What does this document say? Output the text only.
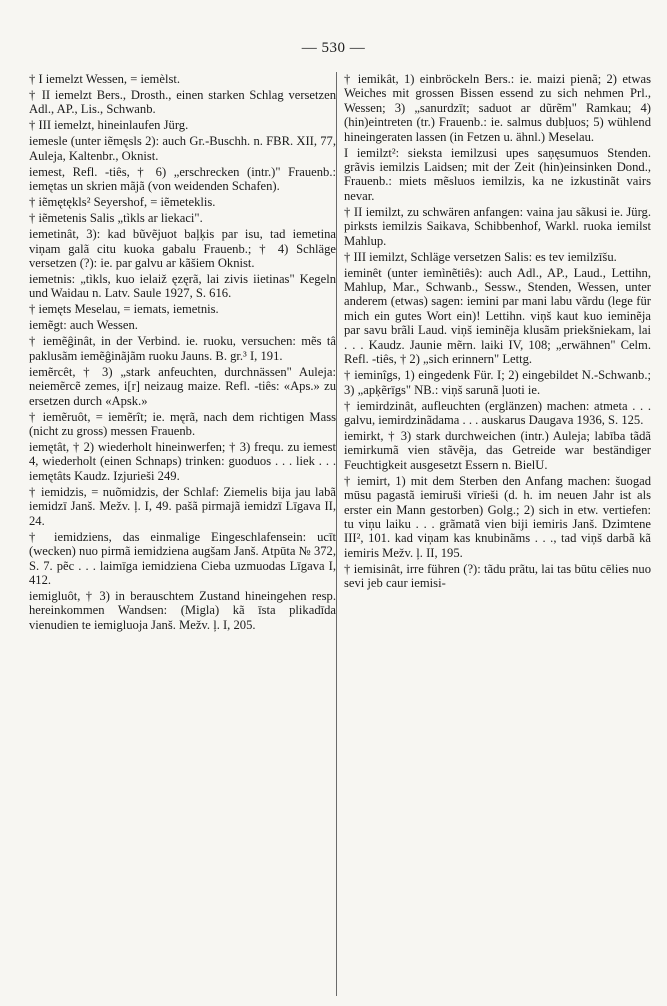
— 530 —

† I iemelzt Wessen, = iemèlst.

† II iemelzt Bers., Drosth., einen starken Schlag versetzen Adl., AP., Lis., Schwanb.

† III iemelzt, hineinlaufen Jürg.

iemesle (unter iẽmęsls 2): auch Gr.-Buschh. n. FBR. XII, 77, Auleja, Kaltenbr., Oknist.

iemest, Refl. -tiês, † 6) „erschrecken (intr.)" Frauenb.: iemętas un skrien mãjã (von weidenden Schafen).

† iẽmętękls² Seyershof, = iẽmeteklis.

† iẽmetenis Salis „tìkls ar liekaci".

iemetinât, 3): kad bũvẽjuot baļķis par isu, tad iemetina viņam galã citu kuoka gabalu Frauenb.; † 4) Schläge versetzen (?): ie. par galvu ar kãšiem Oknist.

iemetnis: „tìkls, kuo ielaiž ęzęrã, lai zivis iietinas" Kegeln und Waidau n. Latv. Saule 1927, S. 616.

† iemęts Meselau, = iemats, iemetnis.

iemẽgt: auch Wessen.

† iemẽĝinât, in der Verbind. ie. ruoku, versuchen: mẽs tâ paklusãm iemẽĝinãjãm ruoku Jauns. B. gr.³ I, 191.

iemẽrcêt, † 3) „stark anfeuchten, durchnässen" Auleja: neiemẽrcẽ zemes, i[r] neizaug maize. Refl. -tiês: «Aps.» zu ersetzen durch «Apsk.»

† iemẽruôt, = iemẽrît; ie. męrã, nach dem richtigen Mass (nicht zu gross) messen Frauenb.

iemętât, † 2) wiederholt hineinwerfen; † 3) frequ. zu iemest 4, wiederholt (einen Schnaps) trinken: guoduos . . . liek . . . iemętâts Kaudz. Izjurieši 249.

† iemidzis, = nuõmidzis, der Schlaf: Ziemelis bija jau labã iemidzī Janš. Mežv. ļ. I, 49. pašã pirmajã iemidzī Līgava II, 24.

† iemidziens, das einmalige Eingeschlafensein: ucīt (wecken) nuo pirmã iemidziena augšam Janš. Atpūta № 372, S. 7. pẽc . . . laimīga iemidziena Cieba uzmuodas Līgava I, 412.

iemigluôt, † 3) in berauschtem Zustand hineingehen resp. hereinkommen Wandsen: (Migla) kã īsta plikadīda vienudien te iemigluoja Janš. Mežv. ļ. I, 205.

† iemikât, 1) einbröckeln Bers.: ie. maizi pienã; 2) etwas Weiches mit grossen Bissen essend zu sich nehmen Prl., Wessen; 3) „sanurdzīt; saduot ar dũrẽm" Ramkau; 4) (hin)eintreten (tr.) Frauenb.: ie. salmus dubļuos; 5) wühlend hineingeraten lassen (in Fetzen u. ähnl.) Meselau.

I iemilzt²: sieksta iemilzusi upes saņęsumuos Stenden. grãvis iemilzis Laidsen; mit der Zeit (hin)einsinken Dond., Frauenb.: miets mẽsluos iemilzis, ka ne izkustinãt vairs nevar.

† II iemilzt, zu schwären anfangen: vaina jau sãkusi ie. Jürg. pirksts iemilzis Saikava, Schibbenhof, Warkl. ruoka iemilst Mahlup.

† III iemilzt, Schläge versetzen Salis: es tev iemilzīšu.

ieminêt (unter iemìnẽtiês): auch Adl., AP., Laud., Lettihn, Mahlup, Mar., Schwanb., Sessw., Stenden, Wessen, unter anderem (etwas) sagen: iemini par mani labu vãrdu (lege für mich ein gutes Wort ein)! Lettihn. viņš kaut kuo ieminẽja par savu brãli Laud. viņš ieminẽja klusãm priekšniekam, lai . . . Kaudz. Jaunie mẽrn. laiki IV, 108; „erwähnen" Celm. Refl. -tiês, † 2) „sich erinnern" Lettg.

† ieminîgs, 1) eingedenk Für. I; 2) eingebildet N.-Schwanb.; 3) „apķẽrīgs" NB.: viņš sarunã ļuoti ie.

† iemirdzinât, aufleuchten (erglänzen) machen: atmeta . . . galvu, iemirdzinãdama . . . auskarus Daugava 1936, S. 125.

iemirkt, † 3) stark durchweichen (intr.) Auleja; labība tãdã iemirkumã vien stãvẽja, das Getreide war beständiger Feuchtigkeit ausgesetzt Essern n. BielU.

† iemirt, 1) mit dem Sterben den Anfang machen: šuogad mūsu pagastã iemiruši vīrieši (d. h. im neuen Jahr ist als erster ein Mann gestorben) Golg.; 2) sich in etw. vertiefen: tu viņu laiku . . . grãmatã vien biji iemiris Janš. Dzimtene III², 101. kad viņam kas knubinãms . . ., tad viņš darbã kã iemiris Mežv. ļ. II, 195.

† iemisinât, irre führen (?): tãdu prãtu, lai tas būtu cēlies nuo sevi jeb caur iemisi-
